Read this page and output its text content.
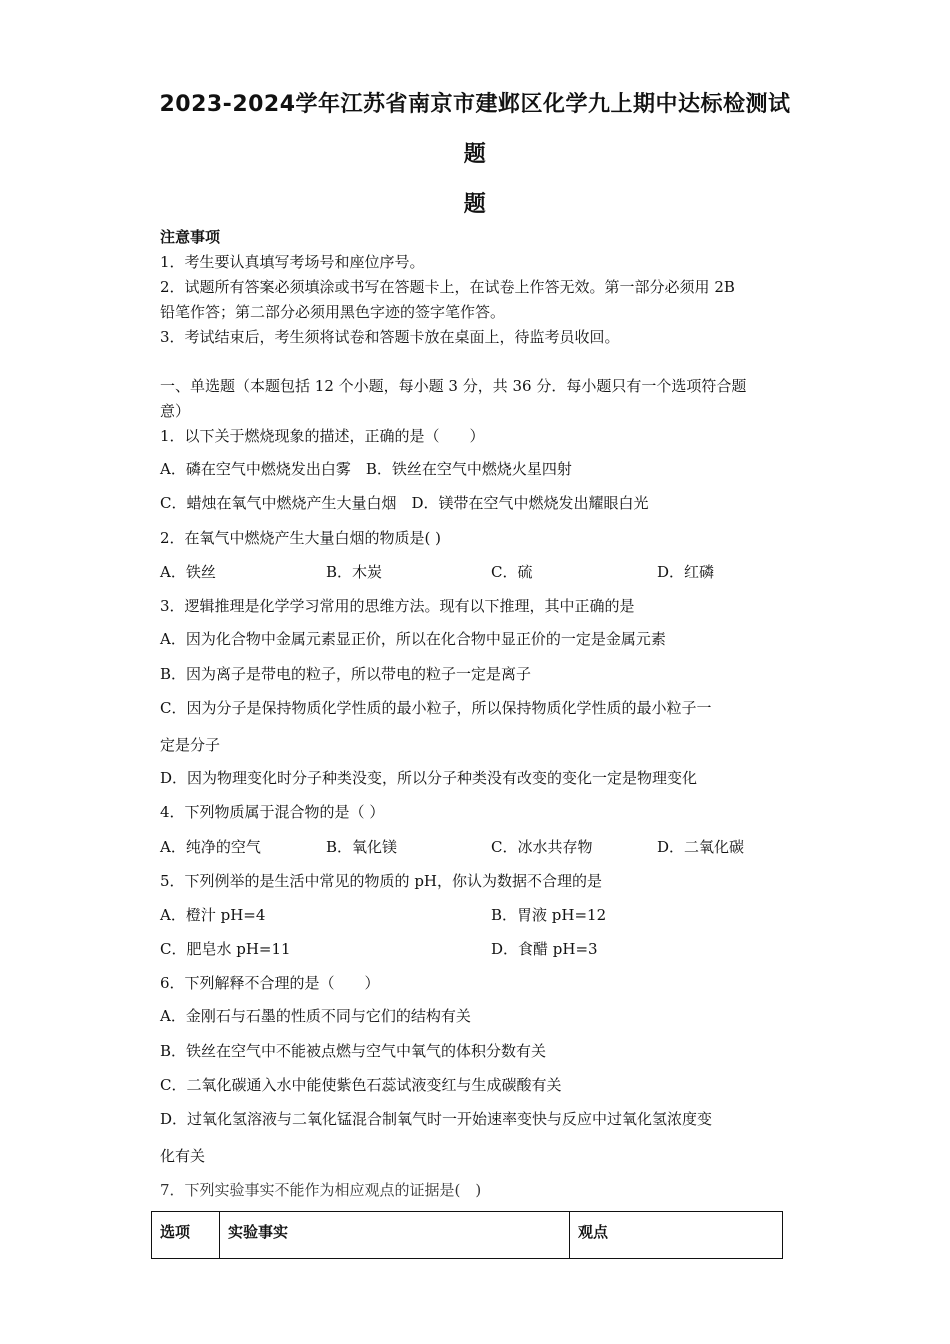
2023-2024学年江苏省南京市建邺区化学九上期中达标检测试
题
题
注意事项
1．考生要认真填写考场号和座位序号。
2．试题所有答案必须填涂或书写在答题卡上，在试卷上作答无效。第一部分必须用 2B
铅笔作答；第二部分必须用黑色字迹的签字笔作答。
3．考试结束后，考生须将试卷和答题卡放在桌面上，待监考员收回。
一、单选题（本题包括 12 个小题，每小题 3 分，共 36 分．每小题只有一个选项符合题
意）
1．以下关于燃烧现象的描述，正确的是（　　）
A．磷在空气中燃烧发出白雾　B．铁丝在空气中燃烧火星四射
C．蜡烛在氧气中燃烧产生大量白烟　D．镁带在空气中燃烧发出耀眼白光
2．在氧气中燃烧产生大量白烟的物质是( )
A．铁丝	B．木炭	C．硫	D．红磷
3．逻辑推理是化学学习常用的思维方法。现有以下推理，其中正确的是
A．因为化合物中金属元素显正价，所以在化合物中显正价的一定是金属元素
B．因为离子是带电的粒子，所以带电的粒子一定是离子
C．因为分子是保持物质化学性质的最小粒子，所以保持物质化学性质的最小粒子一
定是分子
D．因为物理变化时分子种类没变，所以分子种类没有改变的变化一定是物理变化
4．下列物质属于混合物的是（ ）
A．纯净的空气	B．氧化镁	C．冰水共存物	D．二氧化碳
5．下列例举的是生活中常见的物质的 pH，你认为数据不合理的是
A．橙汁 pH=4	B．胃液 pH=12
C．肥皂水 pH=11	D．食醋 pH=3
6．下列解释不合理的是（　　）
A．金刚石与石墨的性质不同与它们的结构有关
B．铁丝在空气中不能被点燃与空气中氧气的体积分数有关
C．二氧化碳通入水中能使紫色石蕊试液变红与生成碳酸有关
D．过氧化氢溶液与二氧化锰混合制氧气时一开始速率变快与反应中过氧化氢浓度变
化有关
7．下列实验事实不能作为相应观点的证据是(　)
选项	实验事实	观点
